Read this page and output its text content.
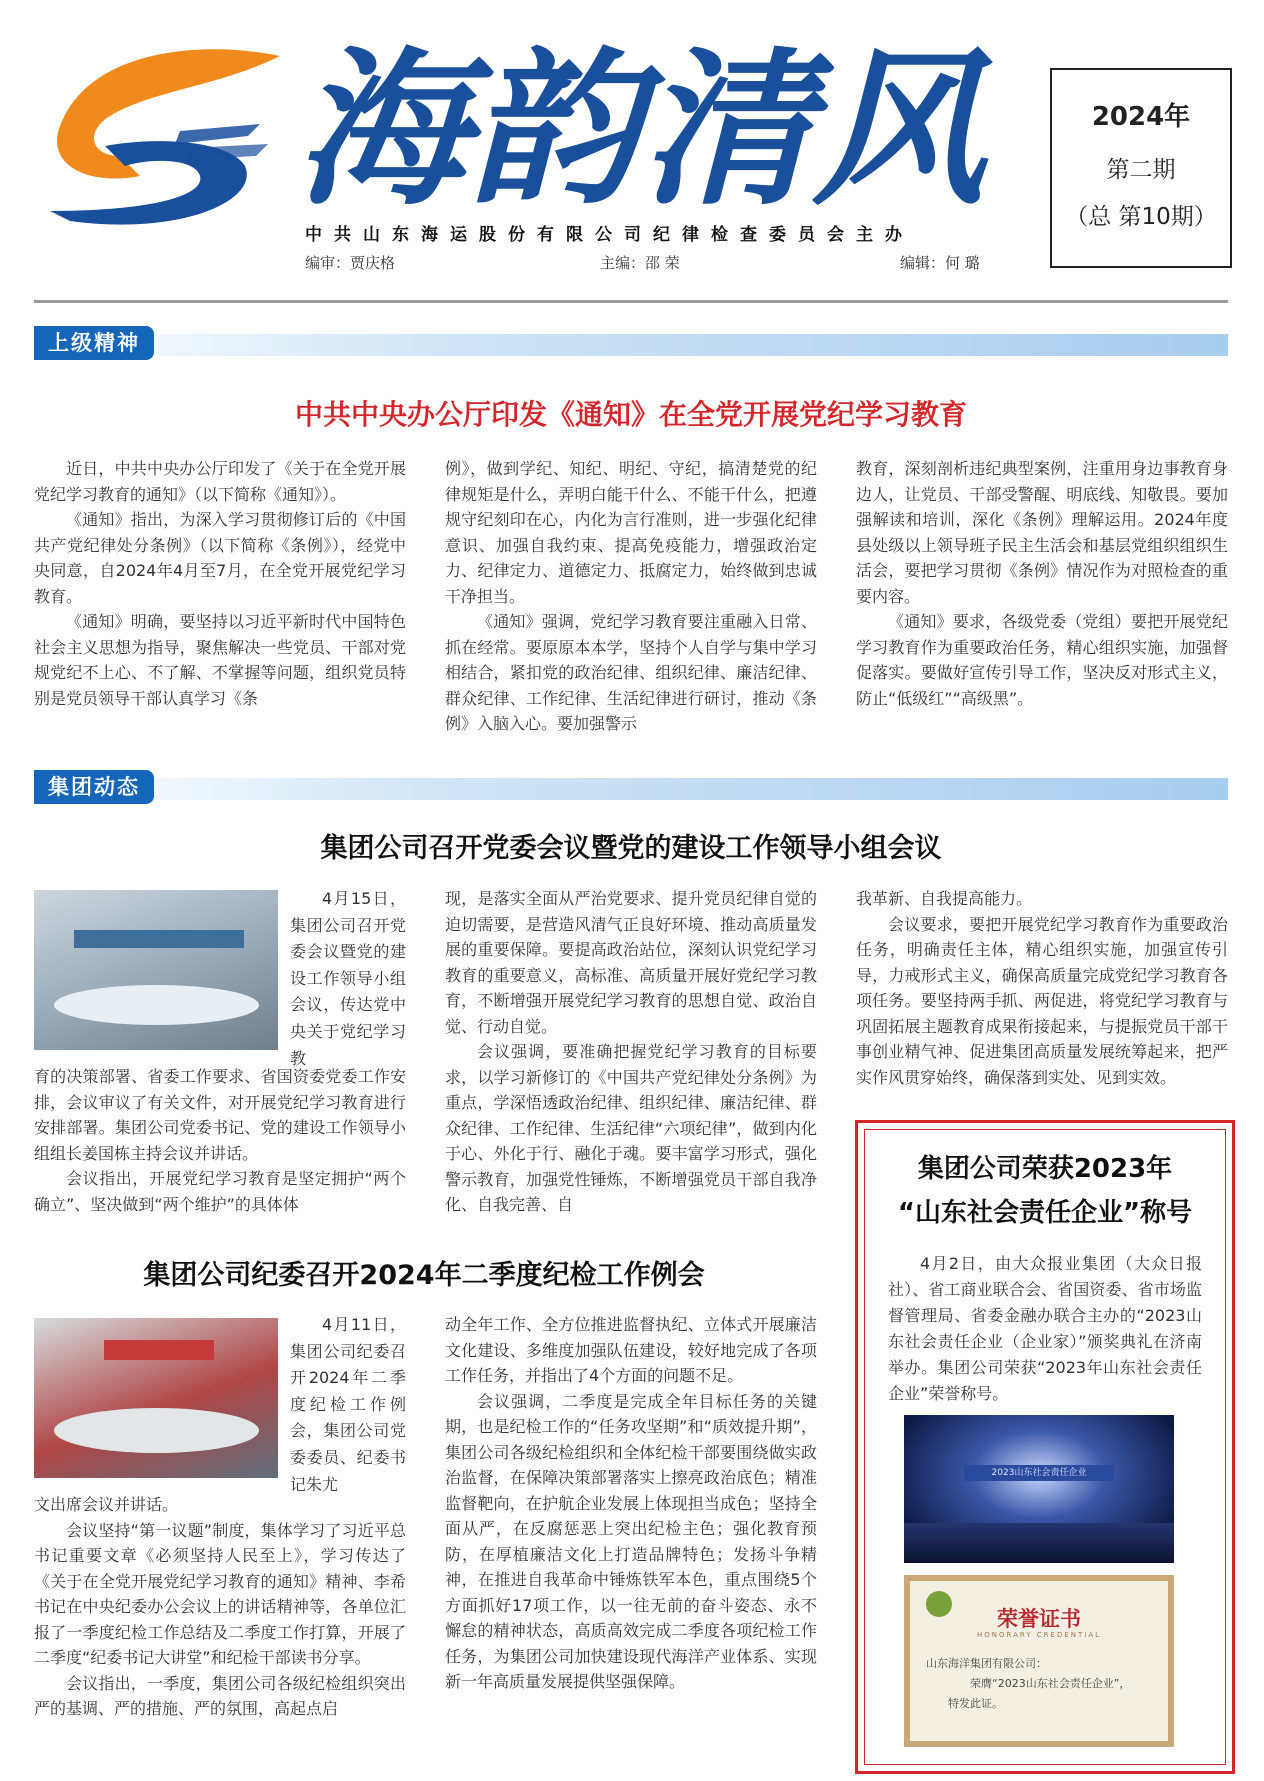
海韵清风
中共山东海运股份有限公司纪律检查委员会主办
编审：贾庆格	主编：邵 荣	编辑：何 璐
2024年
第二期
（总 第10期）
上级精神
中共中央办公厅印发《通知》在全党开展党纪学习教育

近日，中共中央办公厅印发了《关于在全党开展党纪学习教育的通知》（以下简称《通知》）。

《通知》指出，为深入学习贯彻修订后的《中国共产党纪律处分条例》（以下简称《条例》），经党中央同意，自2024年4月至7月，在全党开展党纪学习教育。

《通知》明确，要坚持以习近平新时代中国特色社会主义思想为指导，聚焦解决一些党员、干部对党规党纪不上心、不了解、不掌握等问题，组织党员特别是党员领导干部认真学习《条

例》，做到学纪、知纪、明纪、守纪，搞清楚党的纪律规矩是什么，弄明白能干什么、不能干什么，把遵规守纪刻印在心，内化为言行准则，进一步强化纪律意识、加强自我约束、提高免疫能力，增强政治定力、纪律定力、道德定力、抵腐定力，始终做到忠诚干净担当。

《通知》强调，党纪学习教育要注重融入日常、抓在经常。要原原本本学，坚持个人自学与集中学习相结合，紧扣党的政治纪律、组织纪律、廉洁纪律、群众纪律、工作纪律、生活纪律进行研讨，推动《条例》入脑入心。要加强警示

教育，深刻剖析违纪典型案例，注重用身边事教育身边人，让党员、干部受警醒、明底线、知敬畏。要加强解读和培训，深化《条例》理解运用。2024年度县处级以上领导班子民主生活会和基层党组织组织生活会，要把学习贯彻《条例》情况作为对照检查的重要内容。

《通知》要求，各级党委（党组）要把开展党纪学习教育作为重要政治任务，精心组织实施，加强督促落实。要做好宣传引导工作，坚决反对形式主义，防止“低级红”“高级黑”。

集团动态
集团公司召开党委会议暨党的建设工作领导小组会议

4月15日，集团公司召开党委会议暨党的建设工作领导小组会议，传达党中央关于党纪学习教

育的决策部署、省委工作要求、省国资委党委工作安排，会议审议了有关文件，对开展党纪学习教育进行安排部署。集团公司党委书记、党的建设工作领导小组组长姜国栋主持会议并讲话。

会议指出，开展党纪学习教育是坚定拥护“两个确立”、坚决做到“两个维护”的具体体

现，是落实全面从严治党要求、提升党员纪律自觉的迫切需要，是营造风清气正良好环境、推动高质量发展的重要保障。要提高政治站位，深刻认识党纪学习教育的重要意义，高标准、高质量开展好党纪学习教育，不断增强开展党纪学习教育的思想自觉、政治自觉、行动自觉。

会议强调，要准确把握党纪学习教育的目标要求，以学习新修订的《中国共产党纪律处分条例》为重点，学深悟透政治纪律、组织纪律、廉洁纪律、群众纪律、工作纪律、生活纪律“六项纪律”，做到内化于心、外化于行、融化于魂。要丰富学习形式，强化警示教育，加强党性锤炼，不断增强党员干部自我净化、自我完善、自

我革新、自我提高能力。

会议要求，要把开展党纪学习教育作为重要政治任务，明确责任主体，精心组织实施，加强宣传引导，力戒形式主义，确保高质量完成党纪学习教育各项任务。要坚持两手抓、两促进，将党纪学习教育与巩固拓展主题教育成果衔接起来，与提振党员干部干事创业精气神、促进集团高质量发展统筹起来，把严实作风贯穿始终，确保落到实处、见到实效。

集团公司纪委召开2024年二季度纪检工作例会

4月11日，集团公司纪委召开2024年二季度纪检工作例会，集团公司党委委员、纪委书记朱尤

文出席会议并讲话。

会议坚持“第一议题”制度，集体学习了习近平总书记重要文章《必须坚持人民至上》，学习传达了《关于在全党开展党纪学习教育的通知》精神、李希书记在中央纪委办公会议上的讲话精神等，各单位汇报了一季度纪检工作总结及二季度工作打算，开展了二季度“纪委书记大讲堂”和纪检干部读书分享。

会议指出，一季度，集团公司各级纪检组织突出严的基调、严的措施、严的氛围，高起点启

动全年工作、全方位推进监督执纪、立体式开展廉洁文化建设、多维度加强队伍建设，较好地完成了各项工作任务，并指出了4个方面的问题不足。

会议强调，二季度是完成全年目标任务的关键期，也是纪检工作的“任务攻坚期”和“质效提升期”，集团公司各级纪检组织和全体纪检干部要围绕做实政治监督，在保障决策部署落实上擦亮政治底色；精准监督靶向，在护航企业发展上体现担当成色；坚持全面从严，在反腐惩恶上突出纪检主色；强化教育预防，在厚植廉洁文化上打造品牌特色；发扬斗争精神，在推进自我革命中锤炼铁军本色，重点围绕5个方面抓好17项工作，以一往无前的奋斗姿态、永不懈怠的精神状态，高质高效完成二季度各项纪检工作任务，为集团公司加快建设现代海洋产业体系、实现新一年高质量发展提供坚强保障。

集团公司荣获2023年
“山东社会责任企业”称号

4月2日，由大众报业集团（大众日报社）、省工商业联合会、省国资委、省市场监督管理局、省委金融办联合主办的“2023山东社会责任企业（企业家）”颁奖典礼在济南举办。集团公司荣获“2023年山东社会责任企业”荣誉称号。

2023山东社会责任企业
荣誉证书
HONORARY CREDENTIAL
山东海洋集团有限公司：
荣膺“2023山东社会责任企业”，
特发此证。
